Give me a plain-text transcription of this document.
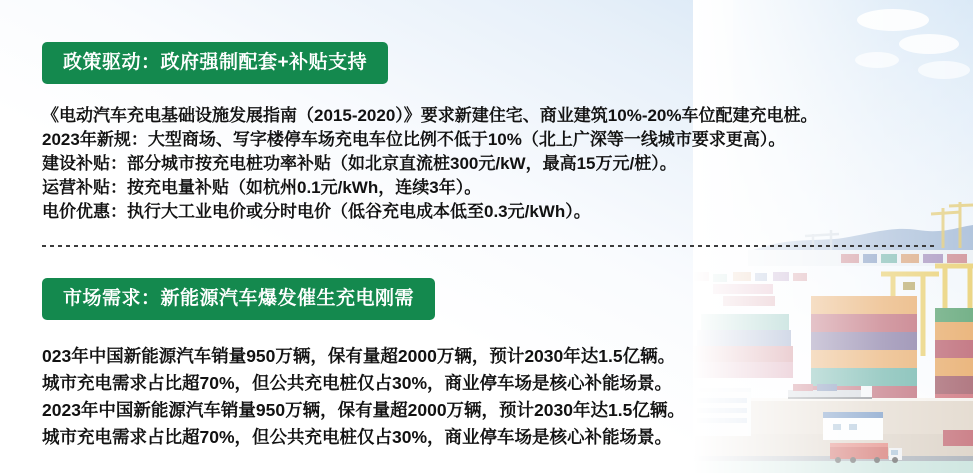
政策驱动：政府强制配套+补贴支持

《电动汽车充电基础设施发展指南（2015-2020）》要求新建住宅、商业建筑10%-20%车位配建充电桩。

2023年新规：大型商场、写字楼停车场充电车位比例不低于10%（北上广深等一线城市要求更高）。

建设补贴：部分城市按充电桩功率补贴（如北京直流桩300元/kW，最高15万元/桩）。

运营补贴：按充电量补贴（如杭州0.1元/kWh，连续3年）。

电价优惠：执行大工业电价或分时电价（低谷充电成本低至0.3元/kWh）。

市场需求：新能源汽车爆发催生充电刚需

023年中国新能源汽车销量950万辆，保有量超2000万辆，预计2030年达1.5亿辆。

城市充电需求占比超70%，但公共充电桩仅占30%，商业停车场是核心补能场景。

2023年中国新能源汽车销量950万辆，保有量超2000万辆，预计2030年达1.5亿辆。

城市充电需求占比超70%，但公共充电桩仅占30%，商业停车场是核心补能场景。
